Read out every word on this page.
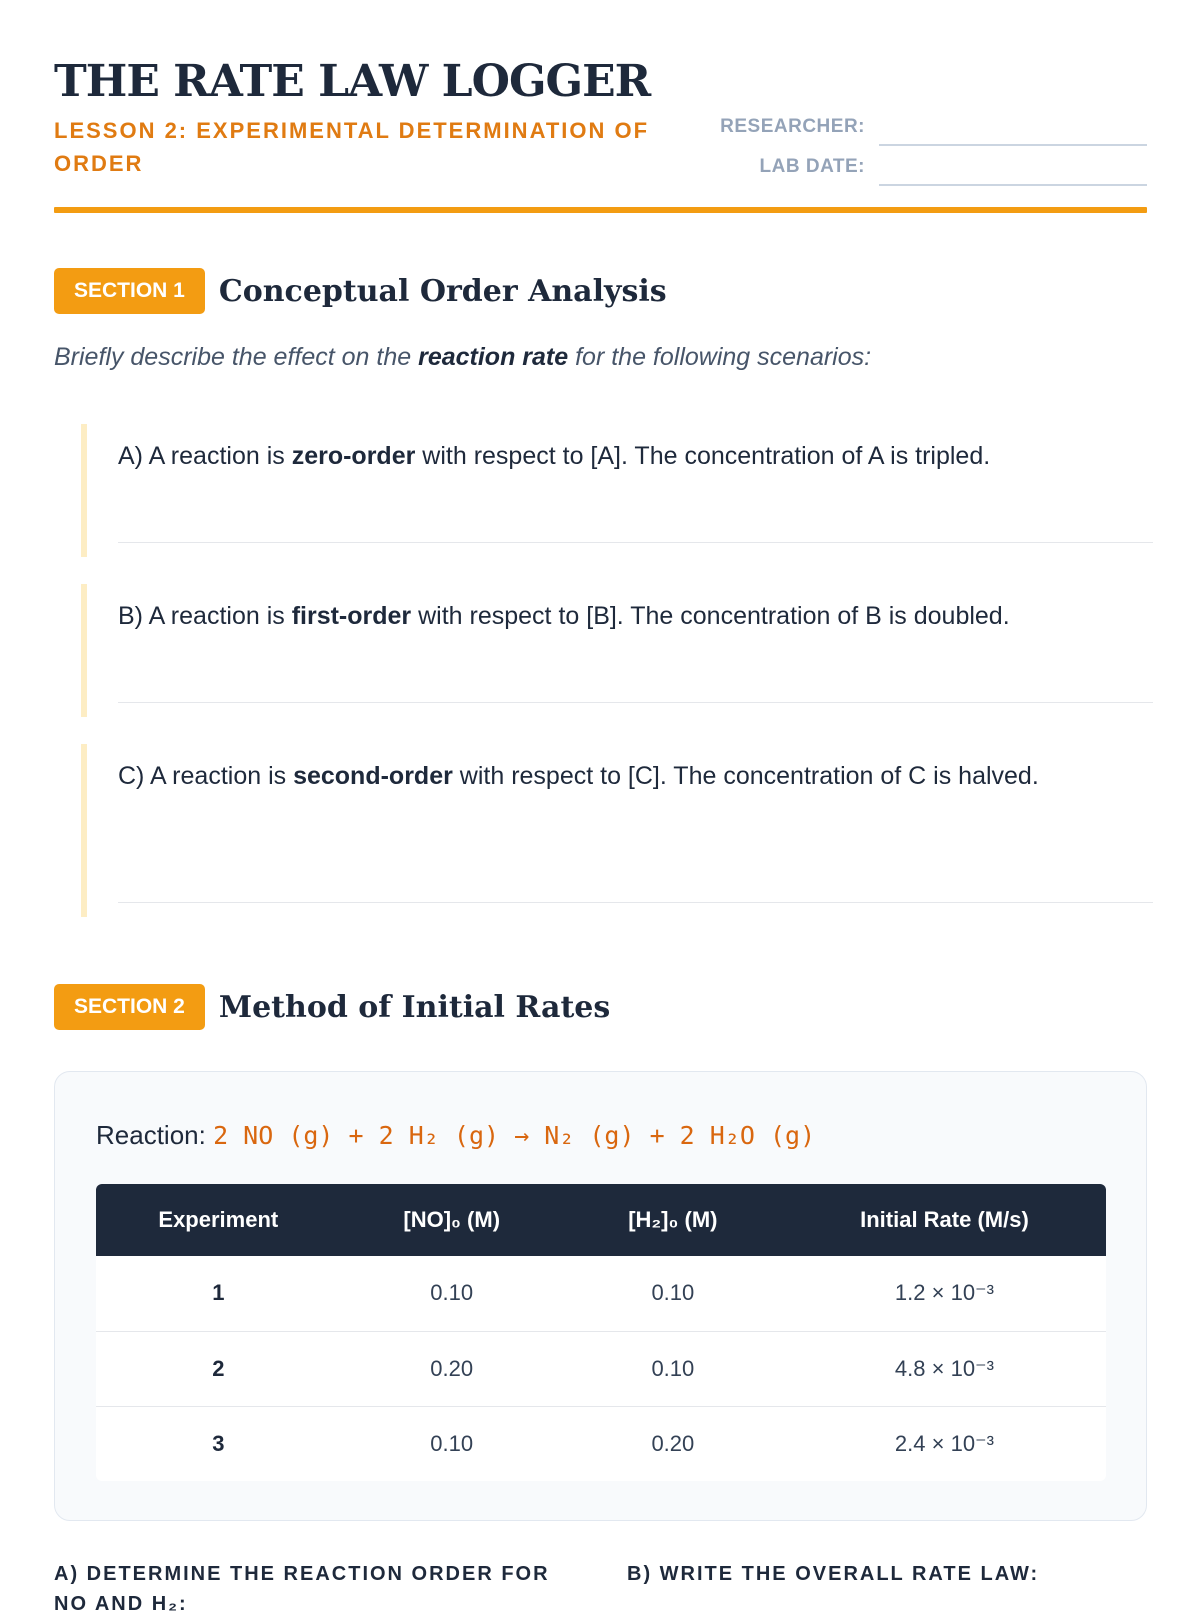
THE RATE LAW LOGGER

LESSON 2: EXPERIMENTAL DETERMINATION OF ORDER

RESEARCHER:
LAB DATE:
SECTION 1	Conceptual Order Analysis

Briefly describe the effect on the reaction rate for the following scenarios:

A) A reaction is zero-order with respect to [A]. The concentration of A is tripled.

B) A reaction is first-order with respect to [B]. The concentration of B is doubled.

C) A reaction is second-order with respect to [C]. The concentration of C is halved.

SECTION 2	Method of Initial Rates

Reaction: 2 NO (g) + 2 H₂ (g) → N₂ (g) + 2 H₂O (g)

Experiment	[NO]₀ (M)	[H₂]₀ (M)	Initial Rate (M/s)
1	0.10	0.10	1.2 × 10⁻³
2	0.20	0.10	4.8 × 10⁻³
3	0.10	0.20	2.4 × 10⁻³

A) DETERMINE THE REACTION ORDER FOR NO AND H₂:

B) WRITE THE OVERALL RATE LAW:
